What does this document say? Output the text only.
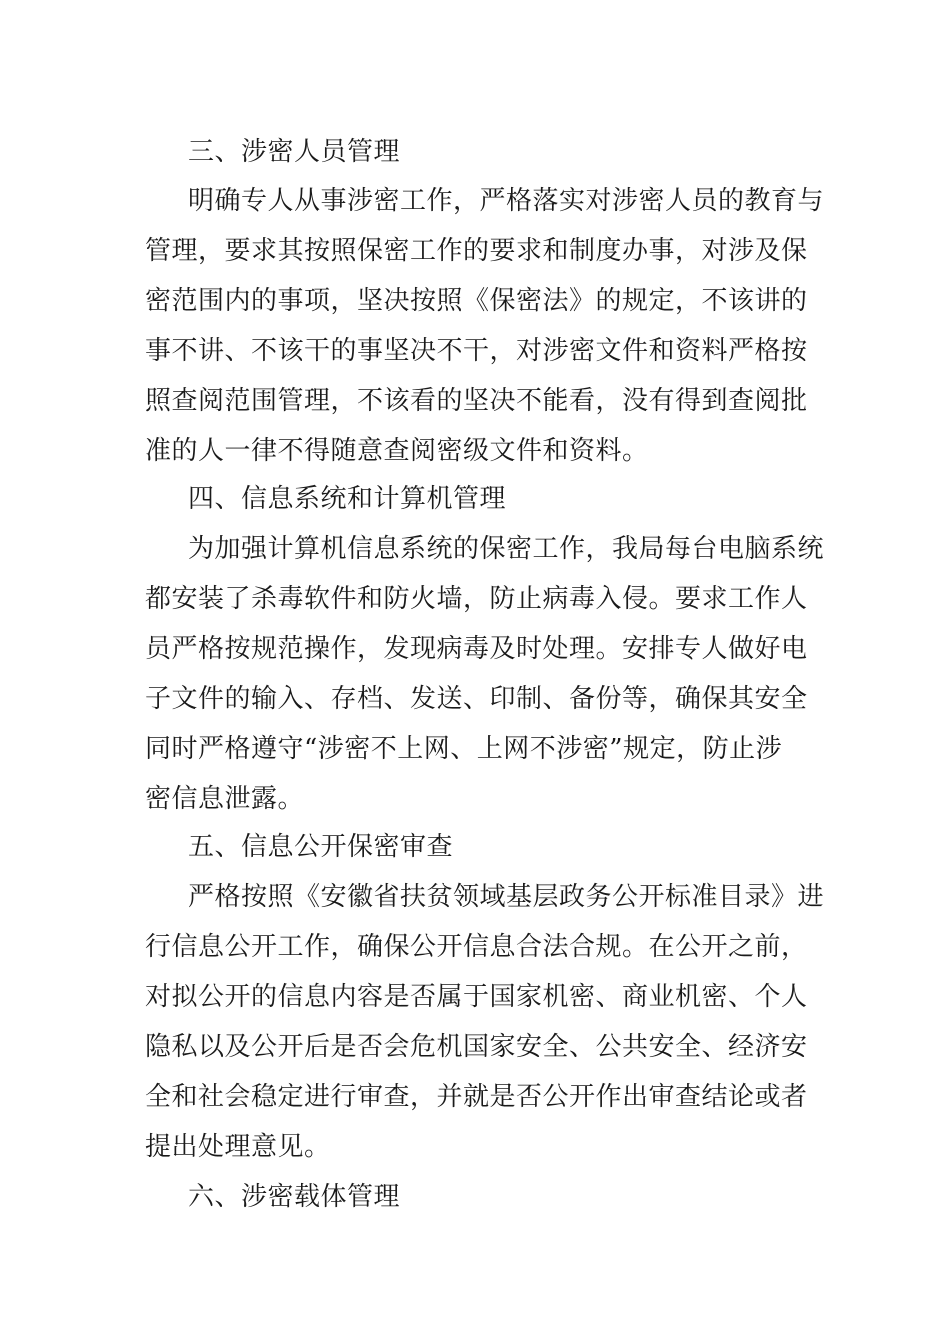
三、涉密人员管理
明确专人从事涉密工作，严格落实对涉密人员的教育与
管理，要求其按照保密工作的要求和制度办事，对涉及保
密范围内的事项，坚决按照《保密法》的规定，不该讲的
事不讲、不该干的事坚决不干，对涉密文件和资料严格按
照查阅范围管理，不该看的坚决不能看，没有得到查阅批
准的人一律不得随意查阅密级文件和资料。
四、信息系统和计算机管理
为加强计算机信息系统的保密工作，我局每台电脑系统
都安装了杀毒软件和防火墙，防止病毒入侵。要求工作人
员严格按规范操作，发现病毒及时处理。安排专人做好电
子文件的输入、存档、发送、印制、备份等，确保其安全
同时严格遵守“涉密不上网、上网不涉密”规定，防止涉
密信息泄露。
五、信息公开保密审查
严格按照《安徽省扶贫领域基层政务公开标准目录》进
行信息公开工作，确保公开信息合法合规。在公开之前，
对拟公开的信息内容是否属于国家机密、商业机密、个人
隐私以及公开后是否会危机国家安全、公共安全、经济安
全和社会稳定进行审查，并就是否公开作出审查结论或者
提出处理意见。
六、涉密载体管理
